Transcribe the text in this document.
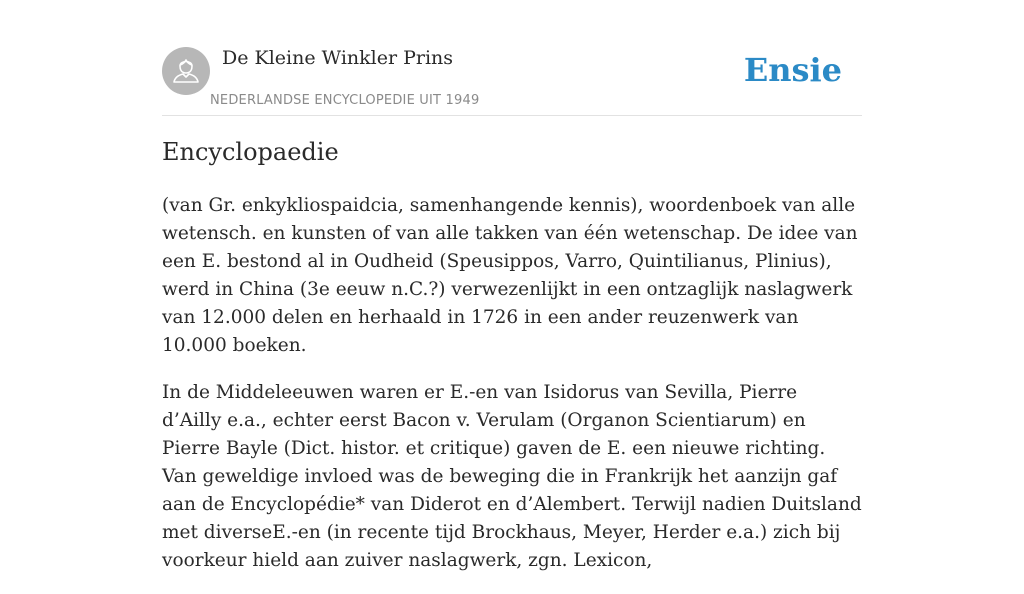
De Kleine Winkler Prins
NEDERLANDSE ENCYCLOPEDIE UIT 1949
Ensie
Encyclopaedie

(van Gr. enkykliospaidcia, samenhangende kennis), woordenboek van alle wetensch. en kunsten of van alle takken van één wetenschap. De idee van een E. bestond al in Oudheid (Speusippos, Varro, Quintilianus, Plinius), werd in China (3e eeuw n.C.?) verwezenlijkt in een ontzaglijk naslagwerk van 12.000 delen en herhaald in 1726 in een ander reuzenwerk van 10.000 boeken.

In de Middeleeuwen waren er E.-en van Isidorus van Sevilla, Pierre d’Ailly e.a., echter eerst Bacon v. Verulam (Organon Scientiarum) en Pierre Bayle (Dict. histor. et critique) gaven de E. een nieuwe richting. Van geweldige invloed was de beweging die in Frankrijk het aanzijn gaf aan de Encyclopédie* van Diderot en d’Alembert. Terwijl nadien Duitsland met diverseE.-en (in recente tijd Brockhaus, Meyer, Herder e.a.) zich bij voorkeur hield aan zuiver naslagwerk, zgn. Lexicon,
